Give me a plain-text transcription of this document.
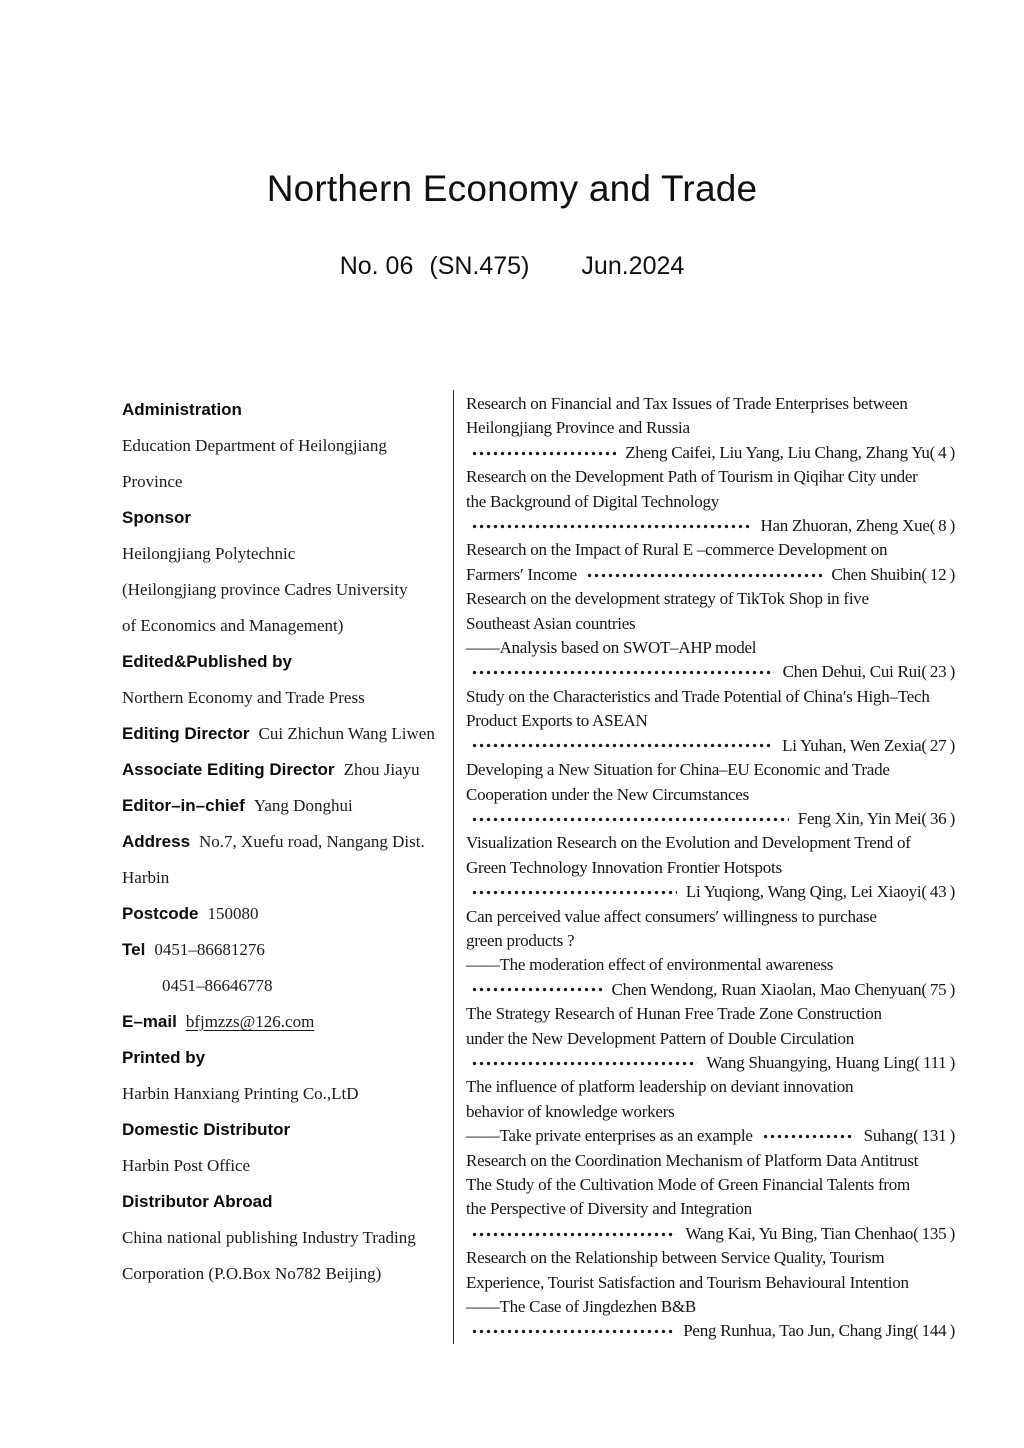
Northern Economy and Trade
No. 06 (SN.475) Jun.2024
Administration
Education Department of Heilongjiang
Province
Sponsor
Heilongjiang Polytechnic
(Heilongjiang province Cadres University
of Economics and Management)
Edited&Published by
Northern Economy and Trade Press
Editing Director Cui Zhichun Wang Liwen
Associate Editing Director Zhou Jiayu
Editor–in–chief Yang Donghui
Address No.7, Xuefu road, Nangang Dist.
Harbin
Postcode 150080
Tel 0451–86681276
0451–86646778
E–mail bfjmzzs@126.com
Printed by
Harbin Hanxiang Printing Co.,LtD
Domestic Distributor
Harbin Post Office
Distributor Abroad
China national publishing Industry Trading
Corporation (P.O.Box No782 Beijing)
Research on Financial and Tax Issues of Trade Enterprises between
Heilongjiang Province and Russia
Zheng Caifei, Liu Yang, Liu Chang, Zhang Yu( 4 )
Research on the Development Path of Tourism in Qiqihar City under
the Background of Digital Technology
Han Zhuoran, Zheng Xue( 8 )
Research on the Impact of Rural E –commerce Development on
Farmers′ Income	Chen Shuibin( 12 )
Research on the development strategy of TikTok Shop in five
Southeast Asian countries
——Analysis based on SWOT–AHP model
Chen Dehui, Cui Rui( 23 )
Study on the Characteristics and Trade Potential of China′s High–Tech
Product Exports to ASEAN
Li Yuhan, Wen Zexia( 27 )
Developing a New Situation for China–EU Economic and Trade
Cooperation under the New Circumstances
Feng Xin, Yin Mei( 36 )
Visualization Research on the Evolution and Development Trend of
Green Technology Innovation Frontier Hotspots
Li Yuqiong, Wang Qing, Lei Xiaoyi( 43 )
Can perceived value affect consumers′ willingness to purchase
green products ?
——The moderation effect of environmental awareness
Chen Wendong, Ruan Xiaolan, Mao Chenyuan( 75 )
The Strategy Research of Hunan Free Trade Zone Construction
under the New Development Pattern of Double Circulation
Wang Shuangying, Huang Ling( 111 )
The influence of platform leadership on deviant innovation
behavior of knowledge workers
——Take private enterprises as an example	Suhang( 131 )
Research on the Coordination Mechanism of Platform Data Antitrust
The Study of the Cultivation Mode of Green Financial Talents from
the Perspective of Diversity and Integration
Wang Kai, Yu Bing, Tian Chenhao( 135 )
Research on the Relationship between Service Quality, Tourism
Experience, Tourist Satisfaction and Tourism Behavioural Intention
——The Case of Jingdezhen B&B
Peng Runhua, Tao Jun, Chang Jing( 144 )
